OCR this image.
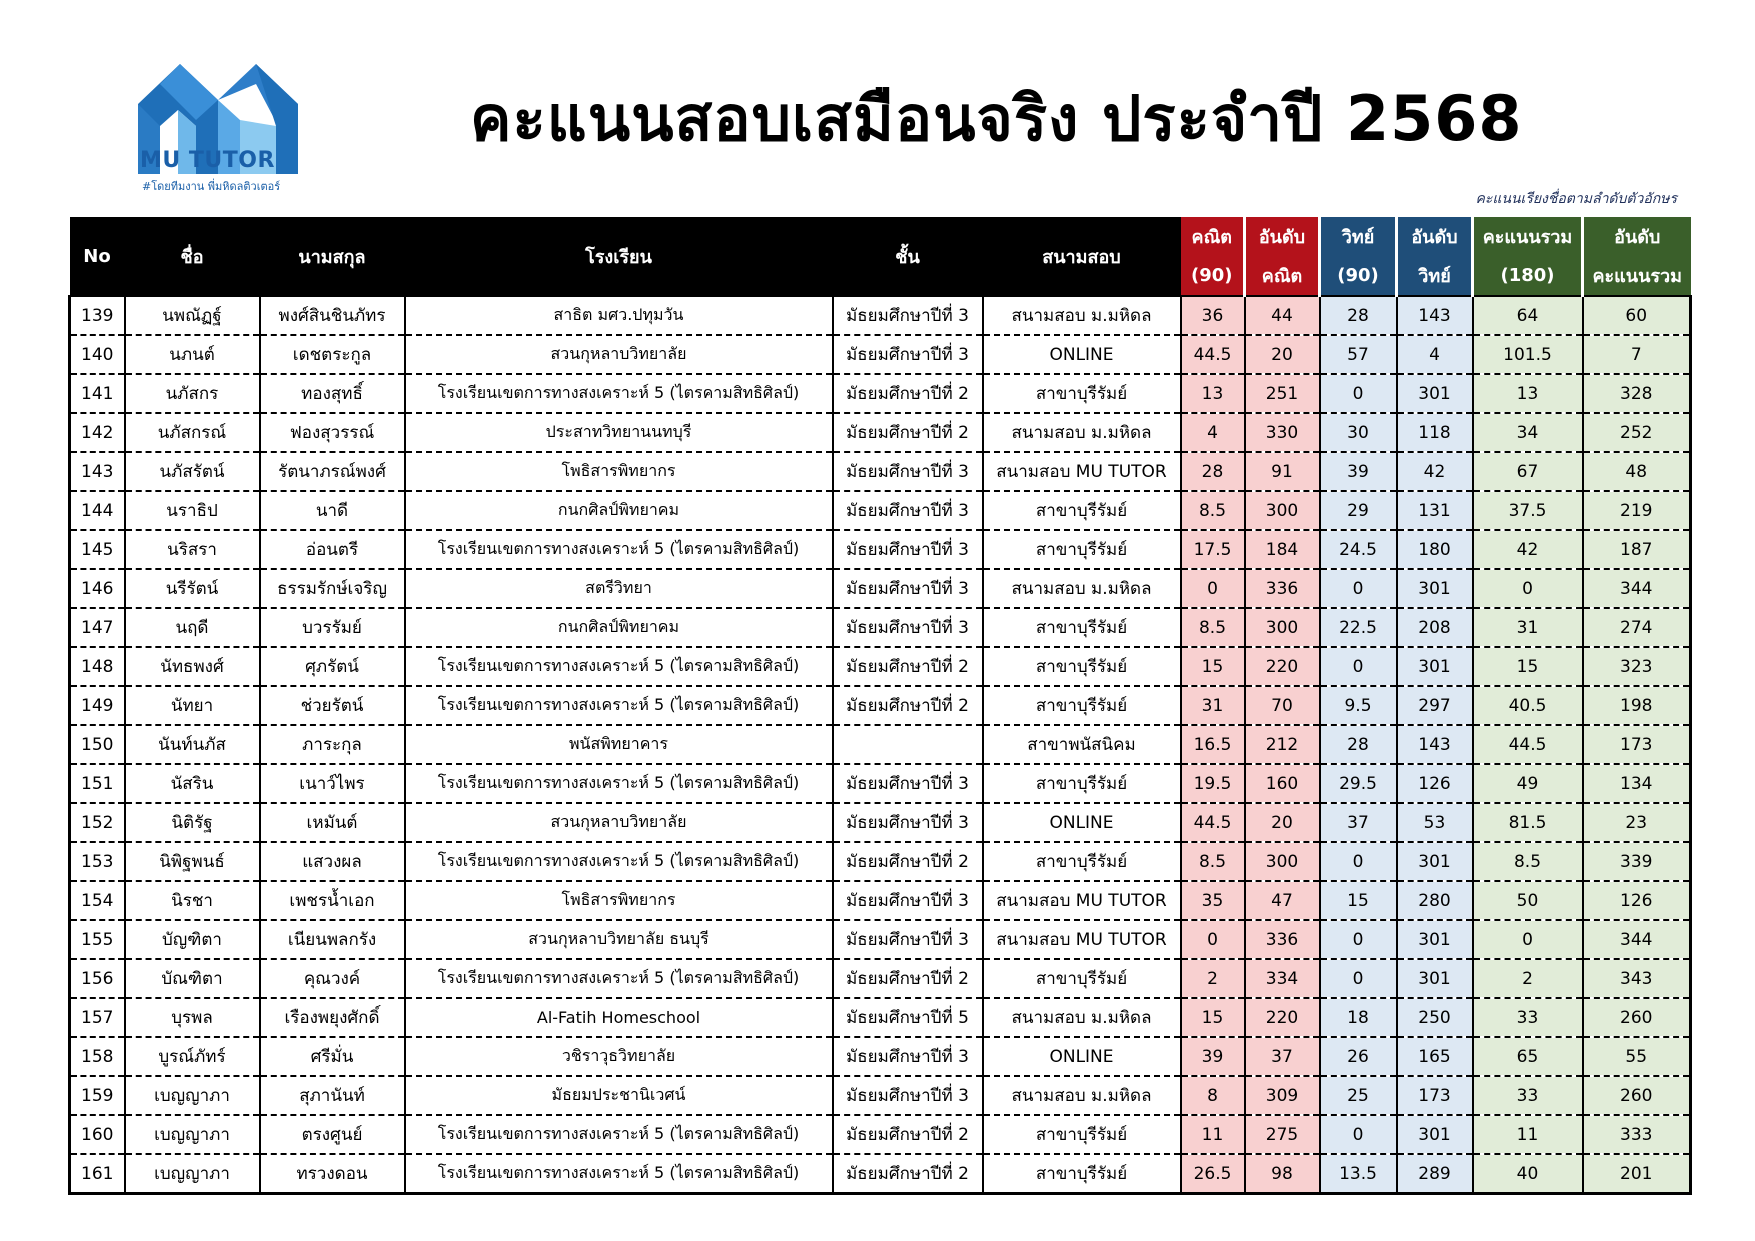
MU TUTOR
#โดยทีมงาน พี่มหิดลติวเตอร์
คะแนนสอบเสมือนจริง ประจำปี 2568
คะแนนเรียงชื่อตามลำดับตัวอักษร
No	ชื่อ	นามสกุล	โรงเรียน	ชั้น	สนามสอบ	คณิต	อันดับ	วิทย์	อันดับ	คะแนนรวม	อันดับ
						(90)	คณิต	(90)	วิทย์	(180)	คะแนนรวม
139	นพณัฏฐ์	พงศ์สินชินภัทร	สาธิต มศว.ปทุมวัน	มัธยมศึกษาปีที่ 3	สนามสอบ ม.มหิดล	36	44	28	143	64	60
140	นภนต์	เดชตระกูล	สวนกุหลาบวิทยาลัย	มัธยมศึกษาปีที่ 3	ONLINE	44.5	20	57	4	101.5	7
141	นภัสกร	ทองสุทธิ์	โรงเรียนเขตการทางสงเคราะห์ 5 (ไตรคามสิทธิศิลป์)	มัธยมศึกษาปีที่ 2	สาขาบุรีรัมย์	13	251	0	301	13	328
142	นภัสกรณ์	ฟองสุวรรณ์	ประสาทวิทยานนทบุรี	มัธยมศึกษาปีที่ 2	สนามสอบ ม.มหิดล	4	330	30	118	34	252
143	นภัสรัตน์	รัตนาภรณ์พงศ์	โพธิสารพิทยากร	มัธยมศึกษาปีที่ 3	สนามสอบ MU TUTOR	28	91	39	42	67	48
144	นราธิป	นาดี	กนกศิลป์พิทยาคม	มัธยมศึกษาปีที่ 3	สาขาบุรีรัมย์	8.5	300	29	131	37.5	219
145	นริสรา	อ่อนตรี	โรงเรียนเขตการทางสงเคราะห์ 5 (ไตรคามสิทธิศิลป์)	มัธยมศึกษาปีที่ 3	สาขาบุรีรัมย์	17.5	184	24.5	180	42	187
146	นรีรัตน์	ธรรมรักษ์เจริญ	สตรีวิทยา	มัธยมศึกษาปีที่ 3	สนามสอบ ม.มหิดล	0	336	0	301	0	344
147	นฤดี	บวรรัมย์	กนกศิลป์พิทยาคม	มัธยมศึกษาปีที่ 3	สาขาบุรีรัมย์	8.5	300	22.5	208	31	274
148	นัทธพงศ์	ศุภรัตน์	โรงเรียนเขตการทางสงเคราะห์ 5 (ไตรคามสิทธิศิลป์)	มัธยมศึกษาปีที่ 2	สาขาบุรีรัมย์	15	220	0	301	15	323
149	นัทยา	ช่วยรัตน์	โรงเรียนเขตการทางสงเคราะห์ 5 (ไตรคามสิทธิศิลป์)	มัธยมศึกษาปีที่ 2	สาขาบุรีรัมย์	31	70	9.5	297	40.5	198
150	นันท์นภัส	ภาระกุล	พนัสพิทยาคาร		สาขาพนัสนิคม	16.5	212	28	143	44.5	173
151	นัสริน	เนาว์ไพร	โรงเรียนเขตการทางสงเคราะห์ 5 (ไตรคามสิทธิศิลป์)	มัธยมศึกษาปีที่ 3	สาขาบุรีรัมย์	19.5	160	29.5	126	49	134
152	นิติรัฐ	เหมันต์	สวนกุหลาบวิทยาลัย	มัธยมศึกษาปีที่ 3	ONLINE	44.5	20	37	53	81.5	23
153	นิพิฐพนธ์	แสวงผล	โรงเรียนเขตการทางสงเคราะห์ 5 (ไตรคามสิทธิศิลป์)	มัธยมศึกษาปีที่ 2	สาขาบุรีรัมย์	8.5	300	0	301	8.5	339
154	นิรชา	เพชรน้ำเอก	โพธิสารพิทยากร	มัธยมศึกษาปีที่ 3	สนามสอบ MU TUTOR	35	47	15	280	50	126
155	บัญฑิตา	เนียนพลกรัง	สวนกุหลาบวิทยาลัย ธนบุรี	มัธยมศึกษาปีที่ 3	สนามสอบ MU TUTOR	0	336	0	301	0	344
156	บัณฑิตา	คุณวงค์	โรงเรียนเขตการทางสงเคราะห์ 5 (ไตรคามสิทธิศิลป์)	มัธยมศึกษาปีที่ 2	สาขาบุรีรัมย์	2	334	0	301	2	343
157	บุรพล	เรืองพยุงศักดิ์	Al-Fatih Homeschool	มัธยมศึกษาปีที่ 5	สนามสอบ ม.มหิดล	15	220	18	250	33	260
158	บูรณ์ภัทร์	ศรีมั่น	วชิราวุธวิทยาลัย	มัธยมศึกษาปีที่ 3	ONLINE	39	37	26	165	65	55
159	เบญญาภา	สุภานันท์	มัธยมประชานิเวศน์	มัธยมศึกษาปีที่ 3	สนามสอบ ม.มหิดล	8	309	25	173	33	260
160	เบญญาภา	ตรงศูนย์	โรงเรียนเขตการทางสงเคราะห์ 5 (ไตรคามสิทธิศิลป์)	มัธยมศึกษาปีที่ 2	สาขาบุรีรัมย์	11	275	0	301	11	333
161	เบญญาภา	ทรวงดอน	โรงเรียนเขตการทางสงเคราะห์ 5 (ไตรคามสิทธิศิลป์)	มัธยมศึกษาปีที่ 2	สาขาบุรีรัมย์	26.5	98	13.5	289	40	201
